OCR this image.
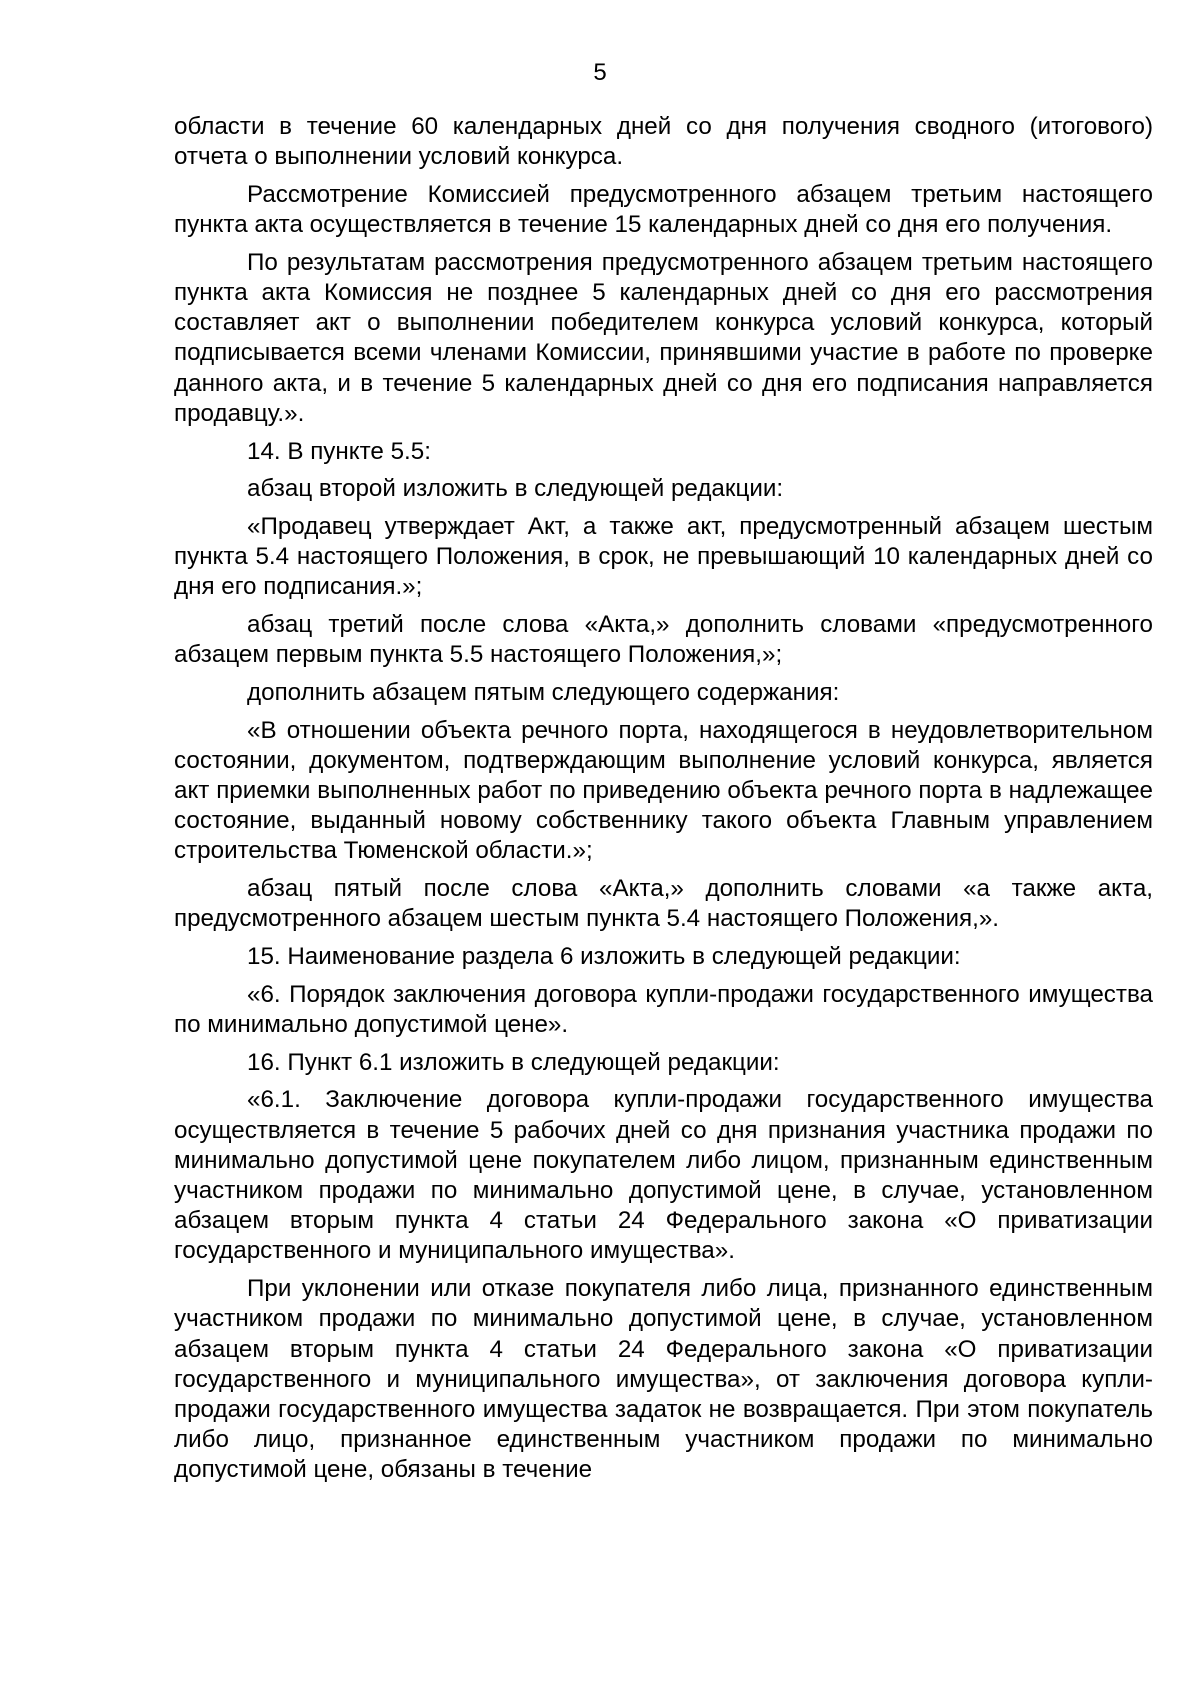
5

области в течение 60 календарных дней со дня получения сводного (итогового) отчета о выполнении условий конкурса.

Рассмотрение Комиссией предусмотренного абзацем третьим настоящего пункта акта осуществляется в течение 15 календарных дней со дня его получения.

По результатам рассмотрения предусмотренного абзацем третьим настоящего пункта акта Комиссия не позднее 5 календарных дней со дня его рассмотрения составляет акт о выполнении победителем конкурса условий конкурса, который подписывается всеми членами Комиссии, принявшими участие в работе по проверке данного акта, и в течение 5 календарных дней со дня его подписания направляется продавцу.».

14. В пункте 5.5:

абзац второй изложить в следующей редакции:

«Продавец утверждает Акт, а также акт, предусмотренный абзацем шестым пункта 5.4 настоящего Положения, в срок, не превышающий 10 календарных дней со дня его подписания.»;

абзац третий после слова «Акта,» дополнить словами «предусмотренного абзацем первым пункта 5.5 настоящего Положения,»;

дополнить абзацем пятым следующего содержания:

«В отношении объекта речного порта, находящегося в неудовлетворительном состоянии, документом, подтверждающим выполнение условий конкурса, является акт приемки выполненных работ по приведению объекта речного порта в надлежащее состояние, выданный новому собственнику такого объекта Главным управлением строительства Тюменской области.»;

абзац пятый после слова «Акта,» дополнить словами «а также акта, предусмотренного абзацем шестым пункта 5.4 настоящего Положения,».

15. Наименование раздела 6 изложить в следующей редакции:

«6. Порядок заключения договора купли-продажи государственного имущества по минимально допустимой цене».

16. Пункт 6.1 изложить в следующей редакции:

«6.1. Заключение договора купли-продажи государственного имущества осуществляется в течение 5 рабочих дней со дня признания участника продажи по минимально допустимой цене покупателем либо лицом, признанным единственным участником продажи по минимально допустимой цене, в случае, установленном абзацем вторым пункта 4 статьи 24 Федерального закона «О приватизации государственного и муниципального имущества».

При уклонении или отказе покупателя либо лица, признанного единственным участником продажи по минимально допустимой цене, в случае, установленном абзацем вторым пункта 4 статьи 24 Федерального закона «О приватизации государственного и муниципального имущества», от заключения договора купли-продажи государственного имущества задаток не возвращается. При этом покупатель либо лицо, признанное единственным участником продажи по минимально допустимой цене, обязаны в течение
